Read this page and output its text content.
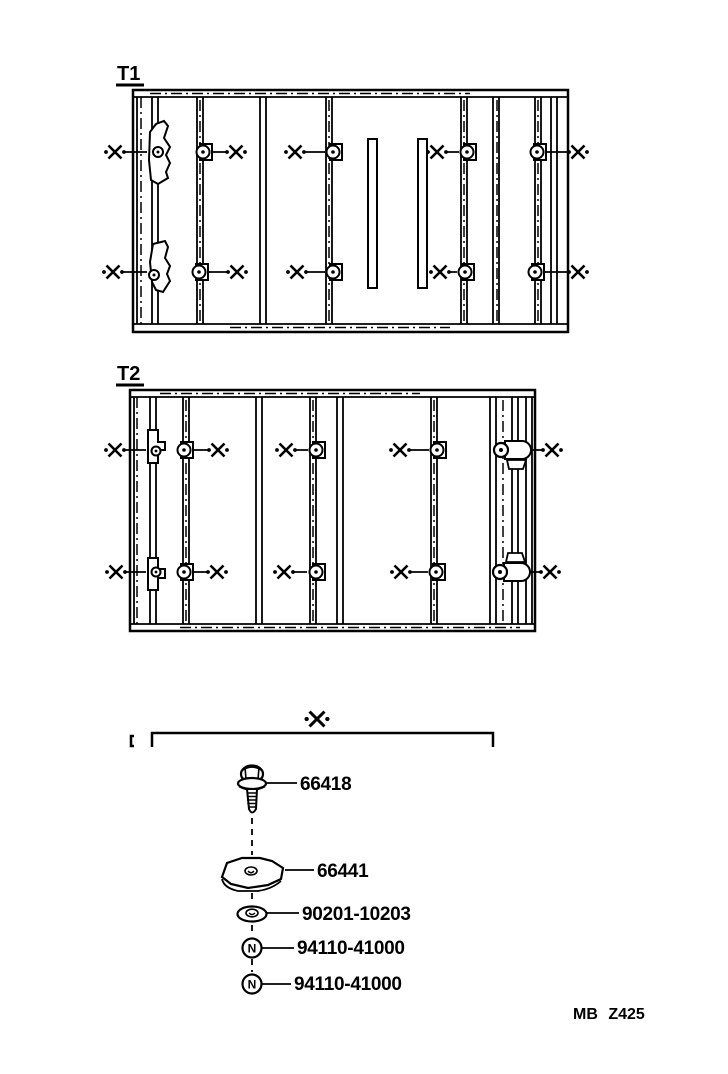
T1
T2
N
N
66418
66441
90201-10203
94110-41000
94110-41000
MB Z425
